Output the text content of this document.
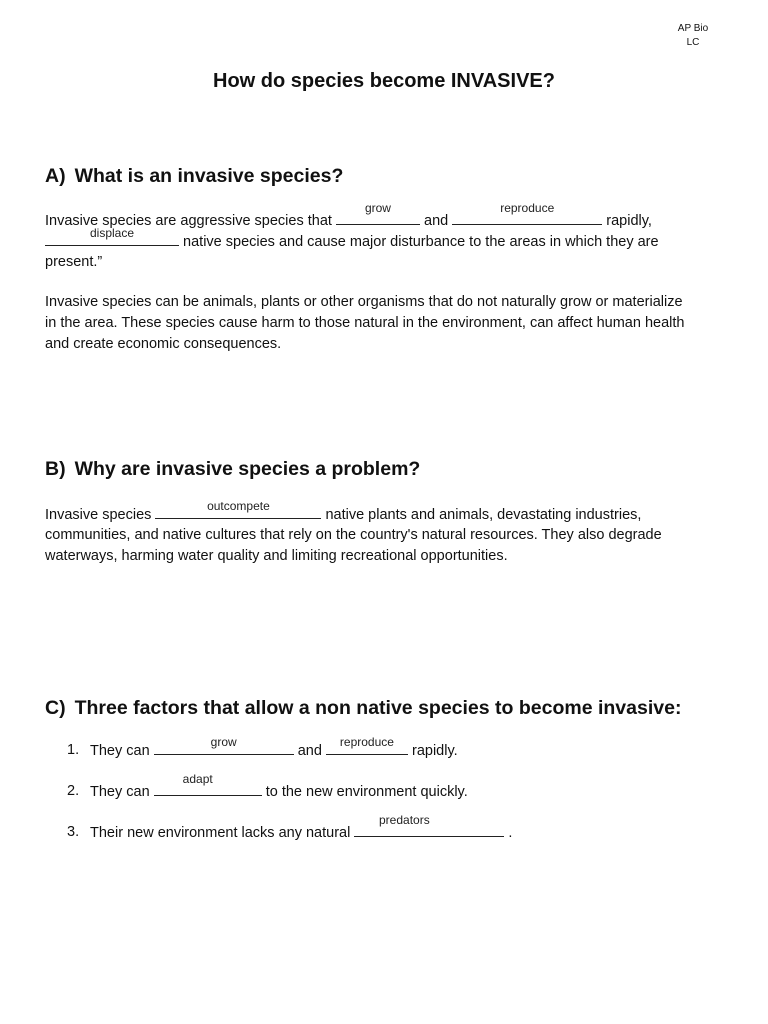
AP Bio
LC
How do species become INVASIVE?
A) What is an invasive species?
Invasive species are aggressive species that
grow
and
reproduce
rapidly,
displace
native species and cause major disturbance to the areas in which they are
present.”
Invasive species can be animals, plants or other organisms that do not naturally grow or materialize
in the area. These species cause harm to those natural in the environment, can affect human health
and create economic consequences.
B) Why are invasive species a problem?
Invasive species
outcompete
native plants and animals, devastating industries,
communities, and native cultures that rely on the country's natural resources. They also degrade
waterways, harming water quality and limiting recreational opportunities.
C) Three factors that allow a non native species to become invasive:
1. They can
grow
and
reproduce
rapidly.
2. They can
adapt
to the new environment quickly.
3. Their new environment lacks any natural
predators
.
